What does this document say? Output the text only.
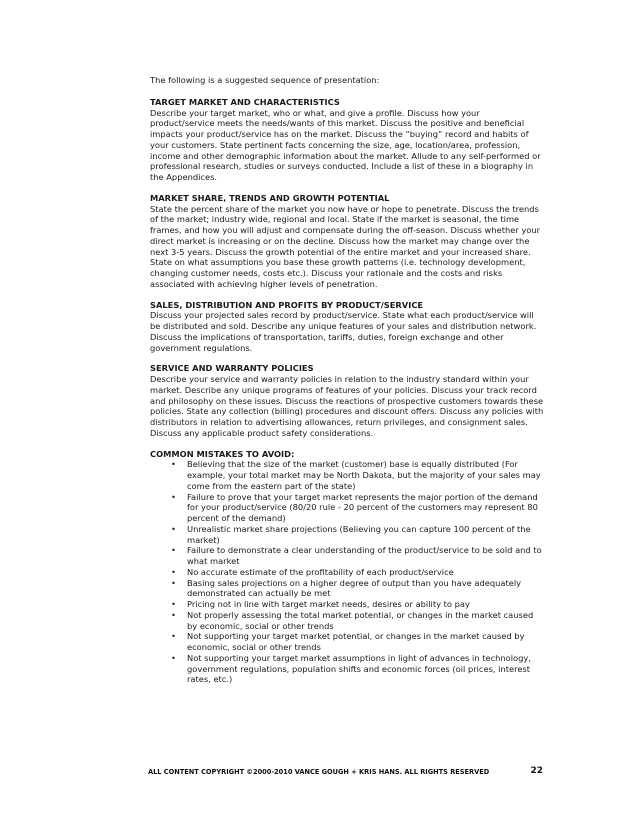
The following is a suggested sequence of presentation:

TARGET MARKET AND CHARACTERISTICS

Describe your target market, who or what, and give a profile. Discuss how your product/service meets the needs/wants of this market. Discuss the positive and beneficial impacts your product/service has on the market. Discuss the “buying” record and habits of your customers. State pertinent facts concerning the size, age, location/area, profession, income and other demographic information about the market. Allude to any self-performed or professional research, studies or surveys conducted. Include a list of these in a biography in the Appendices.

MARKET SHARE, TRENDS AND GROWTH POTENTIAL

State the percent share of the market you now have or hope to penetrate. Discuss the trends of the market; industry wide, regional and local. State if the market is seasonal, the time frames, and how you will adjust and compensate during the off-season. Discuss whether your direct market is increasing or on the decline. Discuss how the market may change over the next 3-5 years. Discuss the growth potential of the entire market and your increased share. State on what assumptions you base these growth patterns (i.e. technology development, changing customer needs, costs etc.). Discuss your rationale and the costs and risks associated with achieving higher levels of penetration.

SALES, DISTRIBUTION AND PROFITS BY PRODUCT/SERVICE

Discuss your projected sales record by product/service. State what each product/service will be distributed and sold. Describe any unique features of your sales and distribution network. Discuss the implications of transportation, tariffs, duties, foreign exchange and other government regulations.

SERVICE AND WARRANTY POLICIES

Describe your service and warranty policies in relation to the industry standard within your market. Describe any unique programs of features of your policies. Discuss your track record and philosophy on these issues. Discuss the reactions of prospective customers towards these policies. State any collection (billing) procedures and discount offers. Discuss any policies with distributors in relation to advertising allowances, return privileges, and consignment sales. Discuss any applicable product safety considerations.

COMMON MISTAKES TO AVOID:

• Believing that the size of the market (customer) base is equally distributed (For example, your total market may be North Dakota, but the majority of your sales may come from the eastern part of the state)
• Failure to prove that your target market represents the major portion of the demand for your product/service (80/20 rule - 20 percent of the customers may represent 80 percent of the demand)
• Unrealistic market share projections (Believing you can capture 100 percent of the market)
• Failure to demonstrate a clear understanding of the product/service to be sold and to what market
• No accurate estimate of the profitability of each product/service
• Basing sales projections on a higher degree of output than you have adequately demonstrated can actually be met
• Pricing not in line with target market needs, desires or ability to pay
• Not properly assessing the total market potential, or changes in the market caused by economic, social or other trends
• Not supporting your target market potential, or changes in the market caused by economic, social or other trends
• Not supporting your target market assumptions in light of advances in technology, government regulations, population shifts and economic forces (oil prices, interest rates, etc.)
ALL CONTENT COPYRIGHT ©2000-2010 VANCE GOUGH + KRIS HANS. ALL RIGHTS RESERVED	22
